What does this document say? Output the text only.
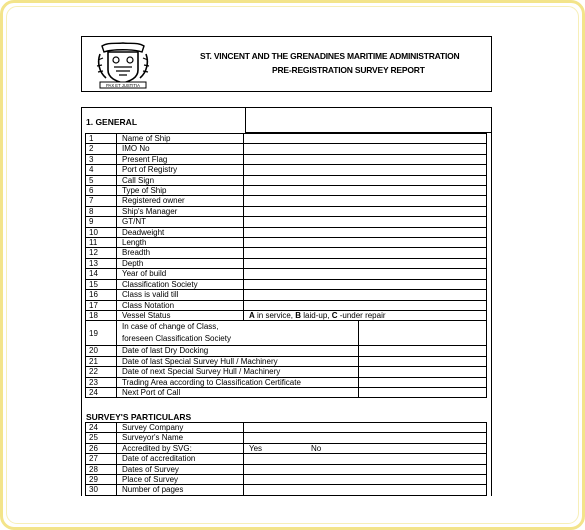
PAX ET JUSTITIA
ST. VINCENT AND THE GRENADINES MARITIME ADMINISTRATION
PRE-REGISTRATION SURVEY REPORT
1. GENERAL
1	Name of Ship		
2	IMO No		
3	Present Flag		
4	Port of Registry		
5	Call Sign		
6	Type of Ship		
7	Registered owner		
8	Ship's Manager		
9	GT/NT		
10	Deadweight		
11	Length		
12	Breadth		
13	Depth		
14	Year of build		
15	Classification Society		
16	Class is valid till		
17	Class Notation		
18	Vessel Status	A in service, B laid-up, C -under repair	
19	In case of change of Class,
foreseen Classification Society		

20	Date of last Dry Docking		
21	Date of last Special Survey Hull / Machinery		
22	Date of next Special Survey Hull / Machinery		
23	Trading Area according to Classification Certificate		
24	Next Port of Call		
SURVEY'S PARTICULARS
24	Survey Company	
25	Surveyor's Name	
26	Accredited by SVG:	Yes No
27	Date of accreditation	
28	Dates of Survey	
29	Place of Survey	
30	Number of pages	
